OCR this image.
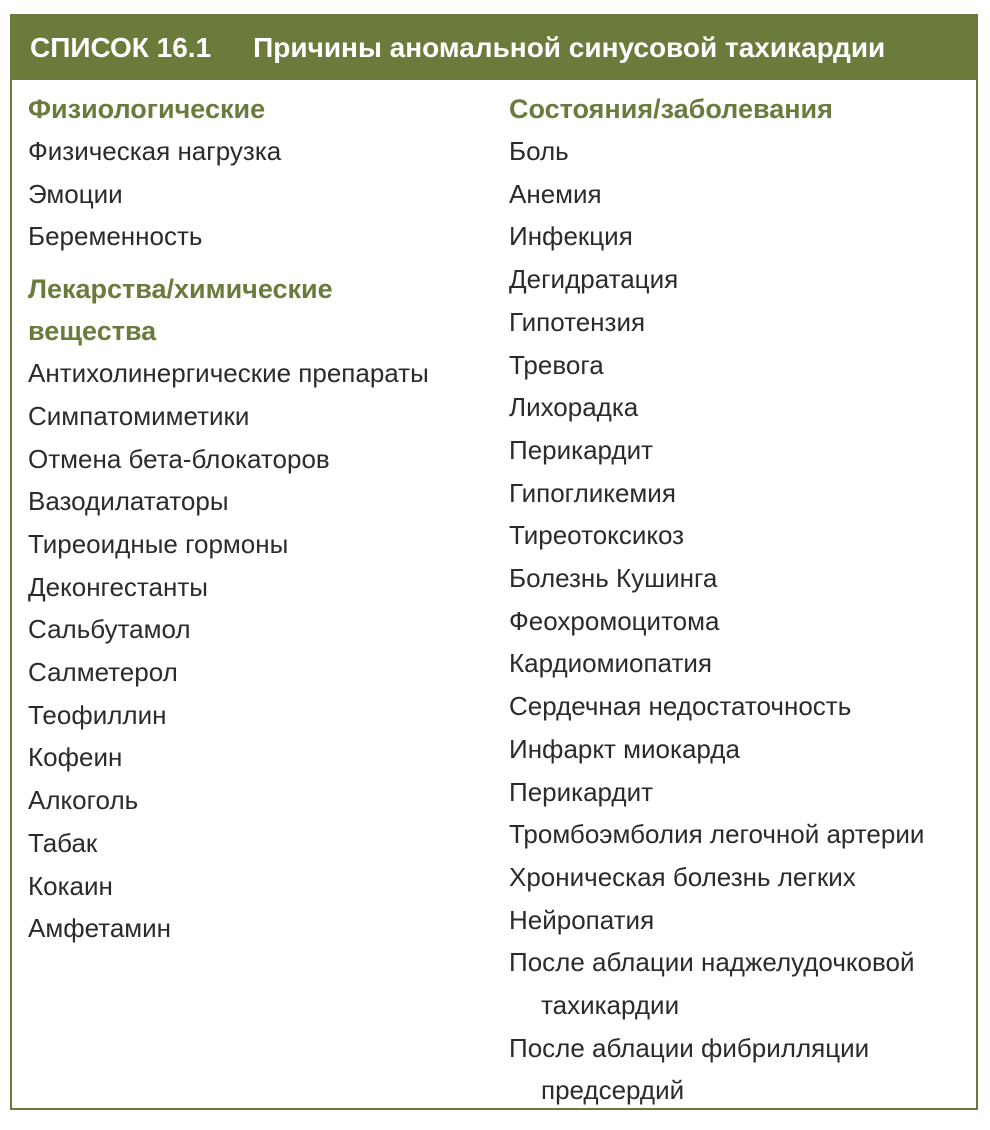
СПИСОК 16.1 Причины аномальной синусовой тахикардии
Физиологические
Физическая нагрузка
Эмоции
Беременность
Лекарства/химические
вещества
Антихолинергические препараты
Симпатомиметики
Отмена бета-блокаторов
Вазодилататоры
Тиреоидные гормоны
Деконгестанты
Сальбутамол
Салметерол
Теофиллин
Кофеин
Алкоголь
Табак
Кокаин
Амфетамин
Состояния/заболевания
Боль
Анемия
Инфекция
Дегидратация
Гипотензия
Тревога
Лихорадка
Перикардит
Гипогликемия
Тиреотоксикоз
Болезнь Кушинга
Феохромоцитома
Кардиомиопатия
Сердечная недостаточность
Инфаркт миокарда
Перикардит
Тромбоэмболия легочной артерии
Хроническая болезнь легких
Нейропатия
После аблации наджелудочковой тахикардии
После аблации фибрилляции предсердий
